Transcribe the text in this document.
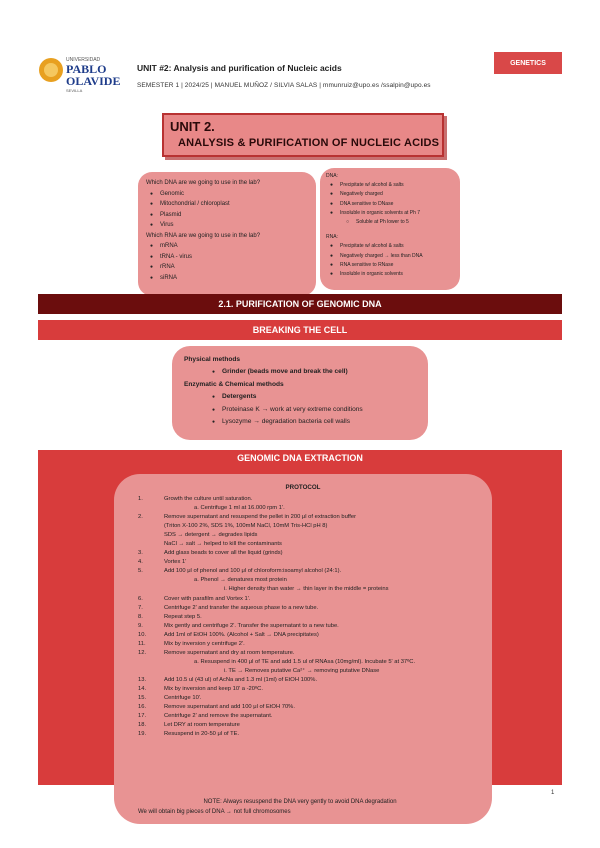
UNIVERSIDAD
PABLO
OLAVIDE
SEVILLA
UNIT #2: Analysis and purification of Nucleic acids
SEMESTER 1 | 2024/25 | MANUEL MUÑOZ / SILVIA SALAS | mmunruiz@upo.es /ssalpin@upo.es
GENETICS
UNIT 2.
ANALYSIS & PURIFICATION OF NUCLEIC ACIDS
Which DNA are we going to use in the lab?
● Genomic
● Mitochondrial / chloroplast
● Plasmid
● Virus
Which RNA are we going to use in the lab?
● mRNA
● tRNA - virus
● rRNA
● siRNA
DNA:
● Precipitate w/ alcohol & salts
● Negatively charged
● DNA sensitive to DNase
● Insoluble in organic solvents at Ph 7
○ Soluble at Ph lower to 5
RNA:
● Precipitate w/ alcohol & salts
● Negatively charged → less than DNA
● RNA sensitive to RNase
● Insoluble in organic solvents
2.1. PURIFICATION OF GENOMIC DNA
BREAKING THE CELL
Physical methods
● Grinder (beads move and break the cell)
Enzymatic & Chemical methods
● Detergents
● Proteinase K → work at very extreme conditions
● Lysozyme → degradation bacteria cell walls
GENOMIC DNA EXTRACTION
PROTOCOL
1.	Growth the culture until saturation.
a. Centrifuge 1 ml at 16.000 rpm 1'.
2.	Remove supernatant and resuspend the pellet in 200 μl of extraction buffer
(Triton X-100 2%, SDS 1%, 100mM NaCl, 10mM Tris-HCl pH 8)
SDS → detergent → degrades lipids
NaCl → salt → helped to kill the contaminants
3.	Add glass beads to cover all the liquid (grinds)
4.	Vortex 1'
5.	Add 100 μl of phenol and 100 μl of chloroform:isoamyl alcohol (24:1).
a. Phenol → denatures most protein
i. Higher density than water → thin layer in the middle = proteins
6.	Cover with parafilm and Vortex 1'.
7.	Centrifuge 2' and transfer the aqueous phase to a new tube.
8.	Repeat step 5.
9.	Mix gently and centrifuge 2'. Transfer the supernatant to a new tube.
10.	Add 1ml of EtOH 100%. (Alcohol + Salt → DNA precipitates)
11.	Mix by inversion y centrifuge 2'.
12.	Remove supernatant and dry at room temperature.
a. Resuspend in 400 μl of TE and add 1.5 ul of RNAsa (10mg/ml). Incubate 5' at 37ºC.
i. TE → Removes putative Ca²⁺ → removing putative DNase
13.	Add 10.5 ul (43 ul) of AcNa and 1.3 ml (1ml) of EtOH 100%.
14.	Mix by inversion and keep 10' a -20ºC.
15.	Centrifuge 10'.
16.	Remove supernatant and add 100 μl of EtOH 70%.
17.	Centrifuge 2' and remove the supernatant.
18.	Let DRY at room temperature
19.	Resuspend in 20-50 μl of TE.
Genetic Engineer	1
NOTE: Always resuspend the DNA very gently to avoid DNA degradation
We will obtain big pieces of DNA → not full chromosomes
